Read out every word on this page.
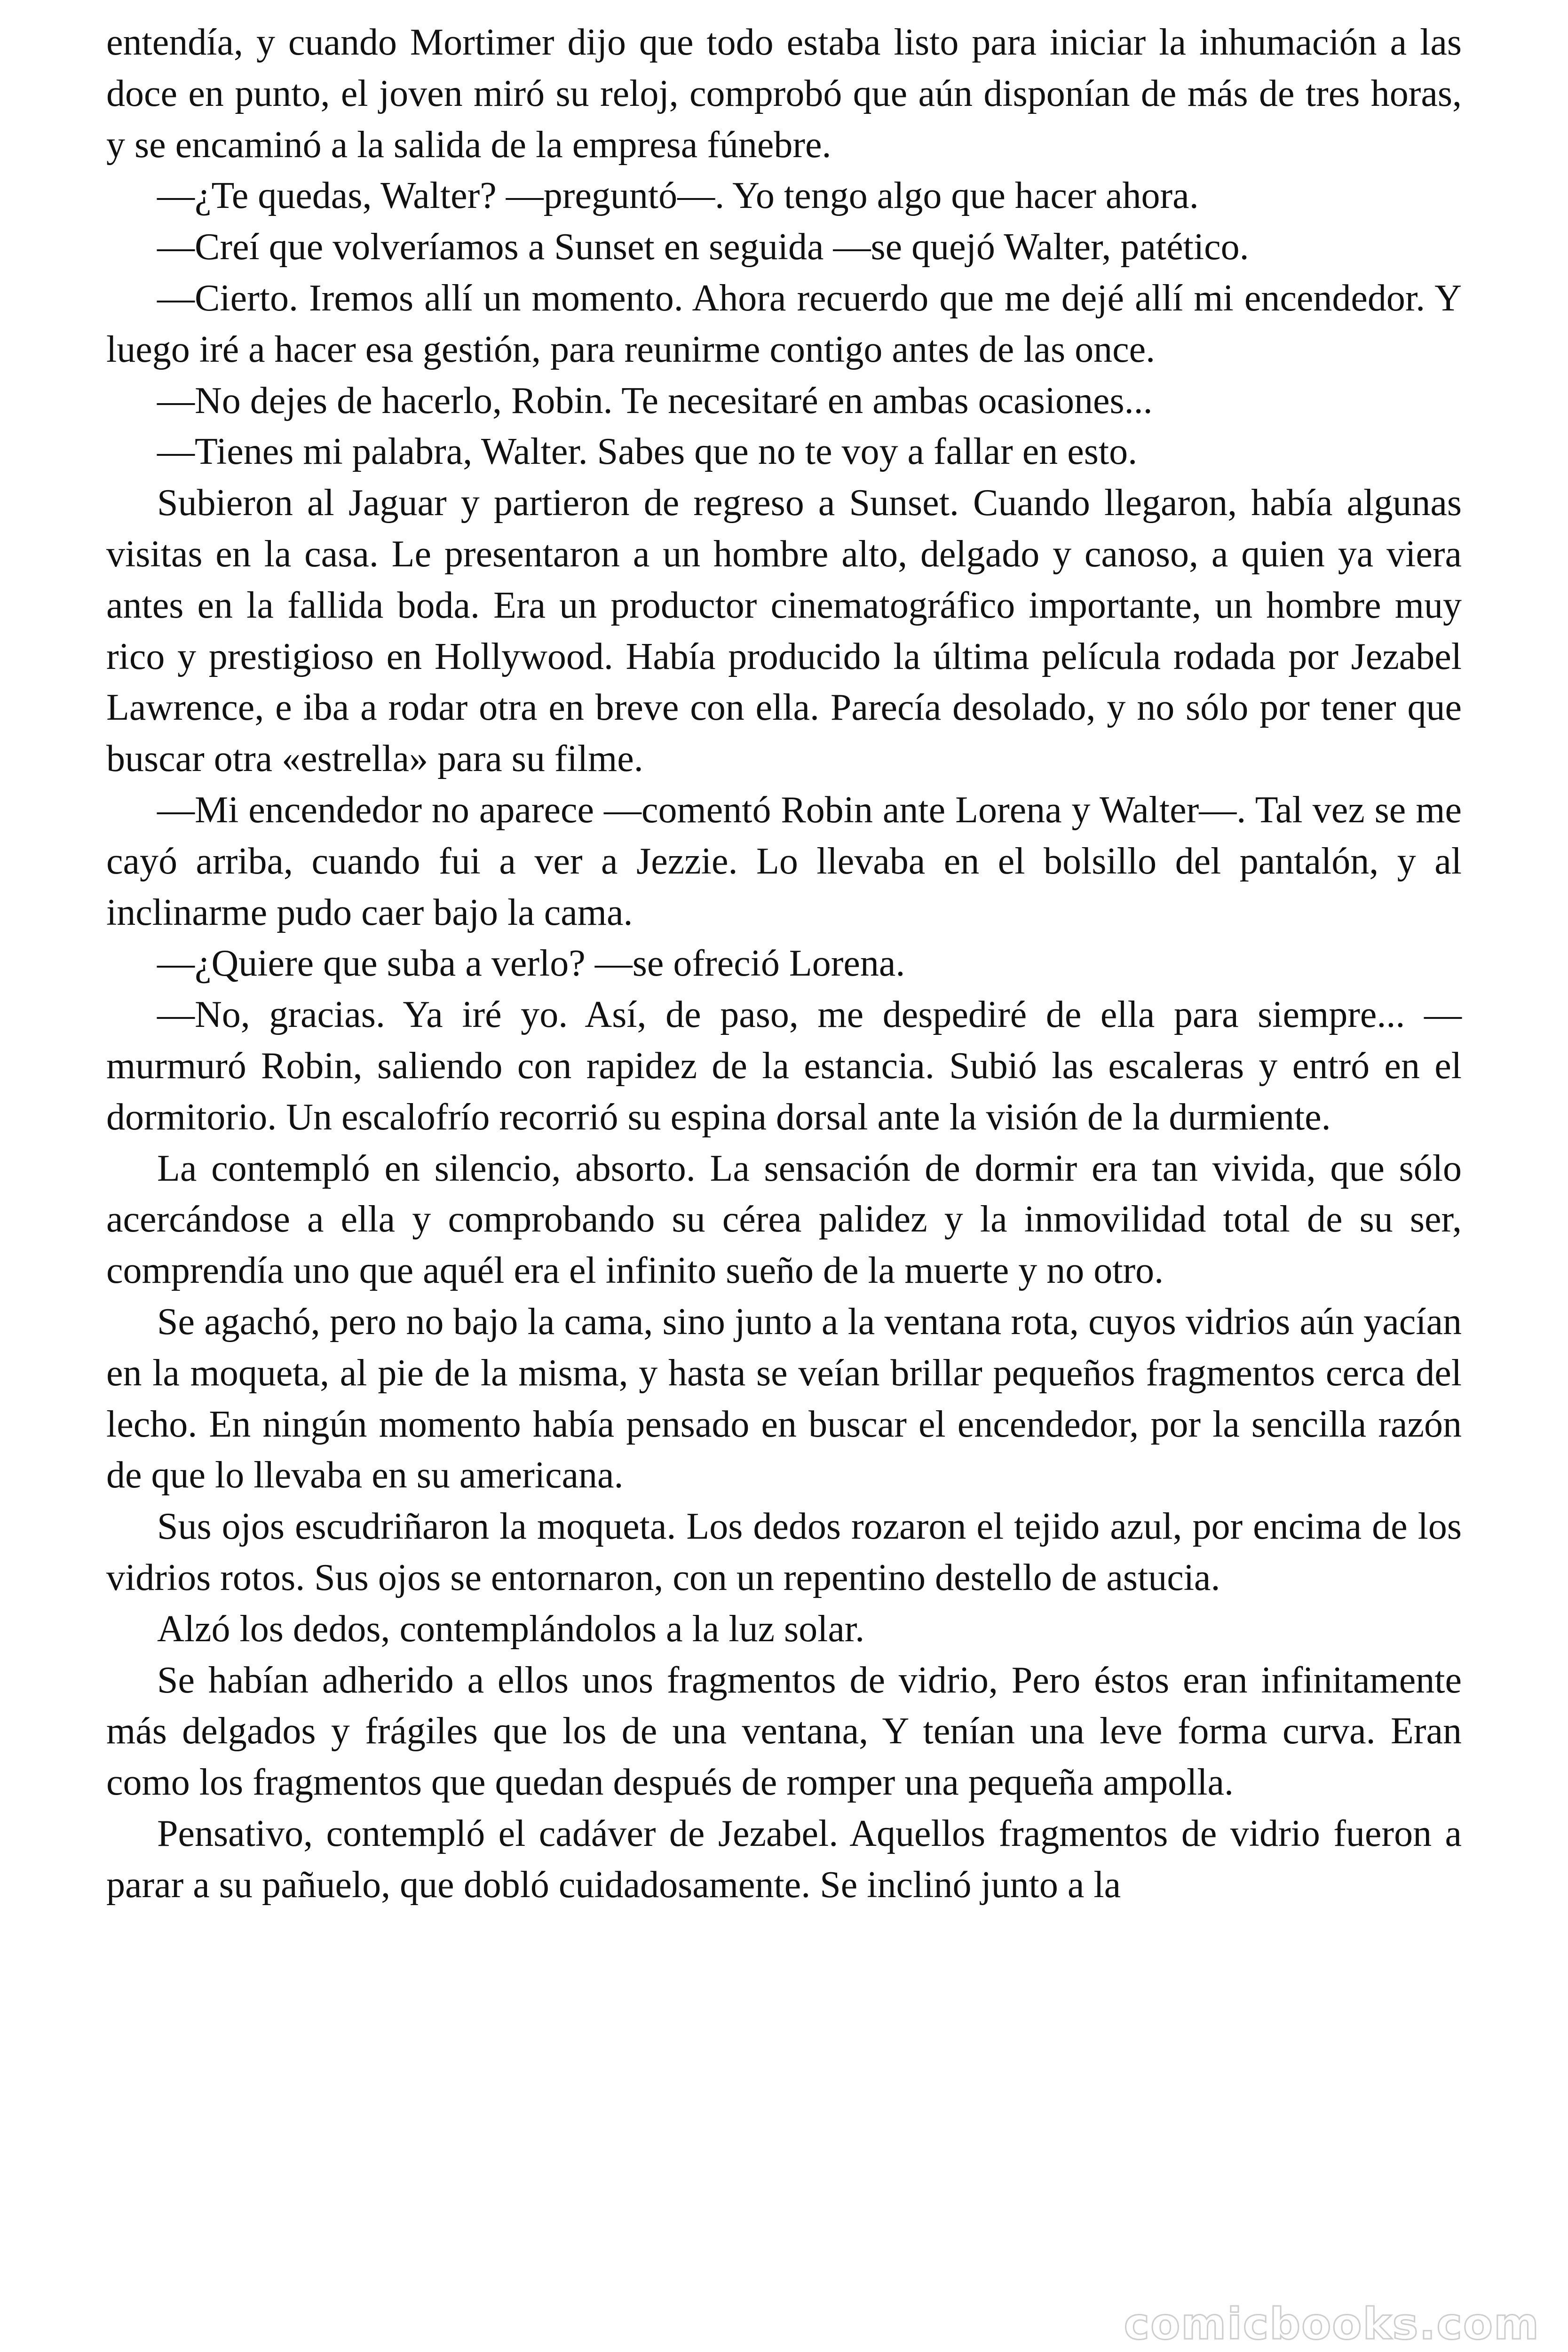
entendía, y cuando Mortimer dijo que todo estaba listo para iniciar la inhumación a las doce en punto, el joven miró su reloj, comprobó que aún disponían de más de tres horas, y se encaminó a la salida de la empresa fúnebre.

—¿Te quedas, Walter? —preguntó—. Yo tengo algo que hacer ahora.

—Creí que volveríamos a Sunset en seguida —se quejó Walter, patético.

—Cierto. Iremos allí un momento. Ahora recuerdo que me dejé allí mi encendedor. Y luego iré a hacer esa gestión, para reunirme contigo antes de las once.

—No dejes de hacerlo, Robin. Te necesitaré en ambas ocasiones...

—Tienes mi palabra, Walter. Sabes que no te voy a fallar en esto.

Subieron al Jaguar y partieron de regreso a Sunset. Cuando llegaron, había algunas visitas en la casa. Le presentaron a un hombre alto, delgado y canoso, a quien ya viera antes en la fallida boda. Era un productor cinematográfico importante, un hombre muy rico y prestigioso en Hollywood. Había producido la última película rodada por Jezabel Lawrence, e iba a rodar otra en breve con ella. Parecía desolado, y no sólo por tener que buscar otra «estrella» para su filme.

—Mi encendedor no aparece —comentó Robin ante Lorena y Walter—. Tal vez se me cayó arriba, cuando fui a ver a Jezzie. Lo llevaba en el bolsillo del pantalón, y al inclinarme pudo caer bajo la cama.

—¿Quiere que suba a verlo? —se ofreció Lorena.

—No, gracias. Ya iré yo. Así, de paso, me despediré de ella para siempre... —murmuró Robin, saliendo con rapidez de la estancia. Subió las escaleras y entró en el dormitorio. Un escalofrío recorrió su espina dorsal ante la visión de la durmiente.

La contempló en silencio, absorto. La sensación de dormir era tan vivida, que sólo acercándose a ella y comprobando su cérea palidez y la inmovilidad total de su ser, comprendía uno que aquél era el infinito sueño de la muerte y no otro.

Se agachó, pero no bajo la cama, sino junto a la ventana rota, cuyos vidrios aún yacían en la moqueta, al pie de la misma, y hasta se veían brillar pequeños fragmentos cerca del lecho. En ningún momento había pensado en buscar el encendedor, por la sencilla razón de que lo llevaba en su americana.

Sus ojos escudriñaron la moqueta. Los dedos rozaron el tejido azul, por encima de los vidrios rotos. Sus ojos se entornaron, con un repentino destello de astucia.

Alzó los dedos, contemplándolos a la luz solar.

Se habían adherido a ellos unos fragmentos de vidrio, Pero éstos eran infinitamente más delgados y frágiles que los de una ventana, Y tenían una leve forma curva. Eran como los fragmentos que quedan después de romper una pequeña ampolla.

Pensativo, contempló el cadáver de Jezabel. Aquellos fragmentos de vidrio fueron a parar a su pañuelo, que dobló cuidadosamente. Se inclinó junto a la

comicbooks.com
